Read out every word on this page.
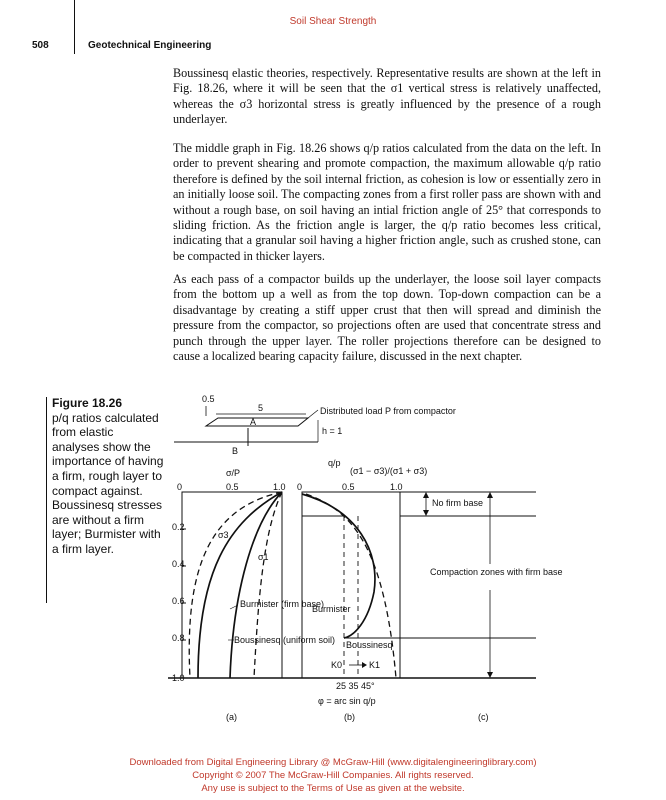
Soil Shear Strength
508	Geotechnical Engineering

Boussinesq elastic theories, respectively. Representative results are shown at the left in Fig. 18.26, where it will be seen that the σ1 vertical stress is relatively unaffected, whereas the σ3 horizontal stress is greatly influenced by the presence of a rough underlayer.

The middle graph in Fig. 18.26 shows q/p ratios calculated from the data on the left. In order to prevent shearing and promote compaction, the maximum allowable q/p ratio therefore is defined by the soil internal friction, as cohesion is low or essentially zero in an initially loose soil. The compacting zones from a first roller pass are shown with and without a rough base, on soil having an intial friction angle of 25° that corresponds to sliding friction. As the friction angle is larger, the q/p ratio becomes less critical, indicating that a granular soil having a higher friction angle, such as crushed stone, can be compacted in thicker layers.

As each pass of a compactor builds up the underlayer, the loose soil layer compacts from the bottom up a well as from the top down. Top-down compaction can be a disadvantage by creating a stiff upper crust that then will spread and diminish the pressure from the compactor, so projections often are used that concentrate stress and punch through the upper layer. The roller projections therefore can be designed to cause a localized bearing capacity failure, discussed in the next chapter.

Figure 18.26
p/q ratios calculated from elastic analyses show the importance of having a firm, rough layer to compact against. Boussinesq stresses are without a firm layer; Burmister with a firm layer.
0.5
5
A
Distributed load P from compactor
B
h = 1
σ/P
0	0.5	1.0
0.2
0.4
0.6
0.8
1.0
σ3
σ1
Burmister (firm base)
Boussinesq (uniform soil)
(a)
q/p
(σ1 − σ3)/(σ1 + σ3)
0	0.5	1.0
Burmister
Boussinesq
K0	K1
25 35 45°
φ = arc sin q/p
(b)
No firm base
Compaction zones with firm base
(c)
Downloaded from Digital Engineering Library @ McGraw-Hill (www.digitalengineeringlibrary.com)
Copyright © 2007 The McGraw-Hill Companies. All rights reserved.
Any use is subject to the Terms of Use as given at the website.
